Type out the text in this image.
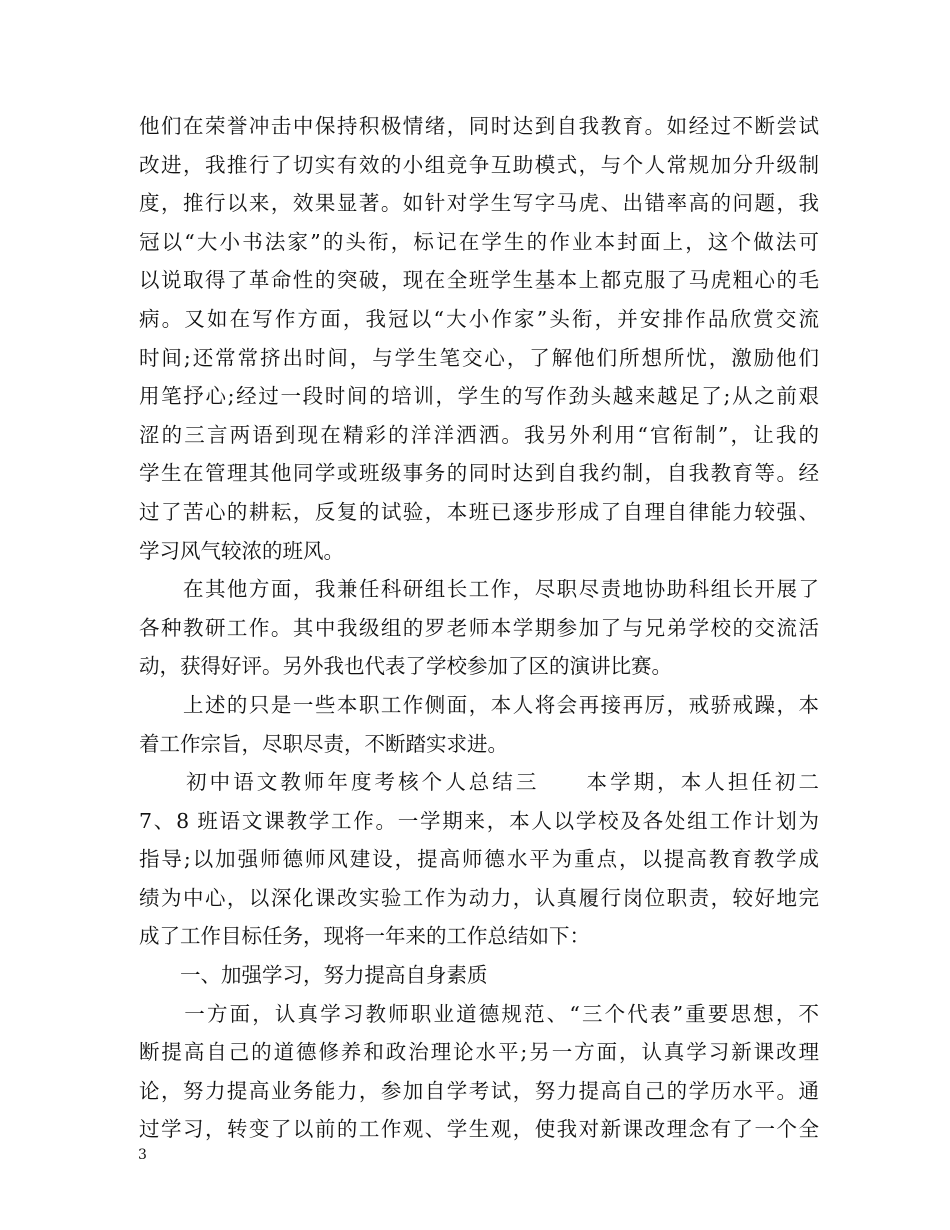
他们在荣誉冲击中保持积极情绪，同时达到自我教育。如经过不断尝试
改进，我推行了切实有效的小组竞争互助模式，与个人常规加分升级制
度，推行以来，效果显著。如针对学生写字马虎、出错率高的问题，我
冠以“大小书法家”的头衔，标记在学生的作业本封面上，这个做法可
以说取得了革命性的突破，现在全班学生基本上都克服了马虎粗心的毛
病。又如在写作方面，我冠以“大小作家”头衔，并安排作品欣赏交流
时间;还常常挤出时间，与学生笔交心，了解他们所想所忧，激励他们
用笔抒心;经过一段时间的培训，学生的写作劲头越来越足了;从之前艰
涩的三言两语到现在精彩的洋洋洒洒。我另外利用“官衔制”，让我的
学生在管理其他同学或班级事务的同时达到自我约制，自我教育等。经
过了苦心的耕耘，反复的试验，本班已逐步形成了自理自律能力较强、
学习风气较浓的班风。
　　在其他方面，我兼任科研组长工作，尽职尽责地协助科组长开展了
各种教研工作。其中我级组的罗老师本学期参加了与兄弟学校的交流活
动，获得好评。另外我也代表了学校参加了区的演讲比赛。
　　上述的只是一些本职工作侧面，本人将会再接再厉，戒骄戒躁，本
着工作宗旨，尽职尽责，不断踏实求进。
　　初中语文教师年度考核个人总结三　　本学期，本人担任初二
7、8 班语文课教学工作。一学期来，本人以学校及各处组工作计划为
指导;以加强师德师风建设，提高师德水平为重点，以提高教育教学成
绩为中心，以深化课改实验工作为动力，认真履行岗位职责，较好地完
成了工作目标任务，现将一年来的工作总结如下：
　　一、加强学习，努力提高自身素质
　　一方面，认真学习教师职业道德规范、“三个代表”重要思想，不
断提高自己的道德修养和政治理论水平;另一方面，认真学习新课改理
论，努力提高业务能力，参加自学考试，努力提高自己的学历水平。通
过学习，转变了以前的工作观、学生观，使我对新课改理念有了一个全
3
